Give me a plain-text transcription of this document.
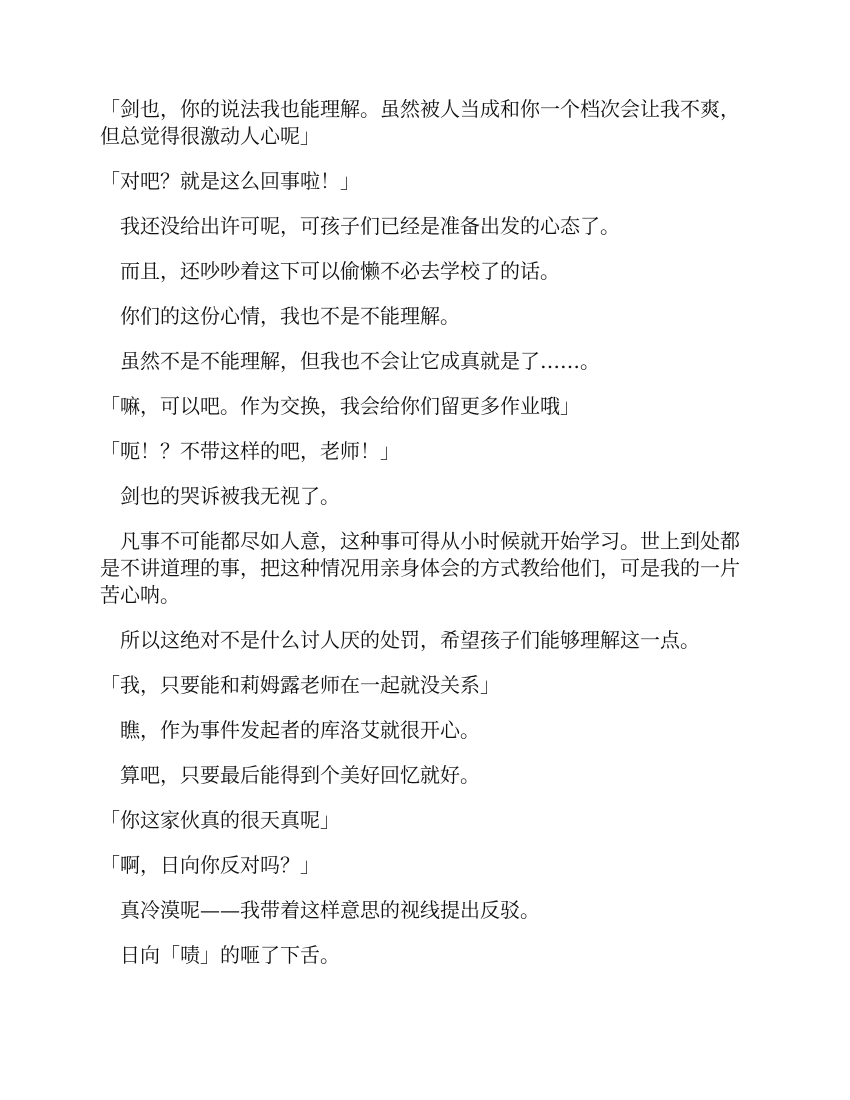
「剑也，你的说法我也能理解。虽然被人当成和你一个档次会让我不爽，但总觉得很激动人心呢」

「对吧？就是这么回事啦！」

我还没给出许可呢，可孩子们已经是准备出发的心态了。

而且，还吵吵着这下可以偷懒不必去学校了的话。

你们的这份心情，我也不是不能理解。

虽然不是不能理解，但我也不会让它成真就是了……。

「嘛，可以吧。作为交换，我会给你们留更多作业哦」

「呃！？不带这样的吧，老师！」

剑也的哭诉被我无视了。

凡事不可能都尽如人意，这种事可得从小时候就开始学习。世上到处都是不讲道理的事，把这种情况用亲身体会的方式教给他们，可是我的一片苦心呐。

所以这绝对不是什么讨人厌的处罚，希望孩子们能够理解这一点。

「我，只要能和莉姆露老师在一起就没关系」

瞧，作为事件发起者的库洛艾就很开心。

算吧，只要最后能得到个美好回忆就好。

「你这家伙真的很天真呢」

「啊，日向你反对吗？」

真冷漠呢——我带着这样意思的视线提出反驳。

日向「啧」的咂了下舌。
